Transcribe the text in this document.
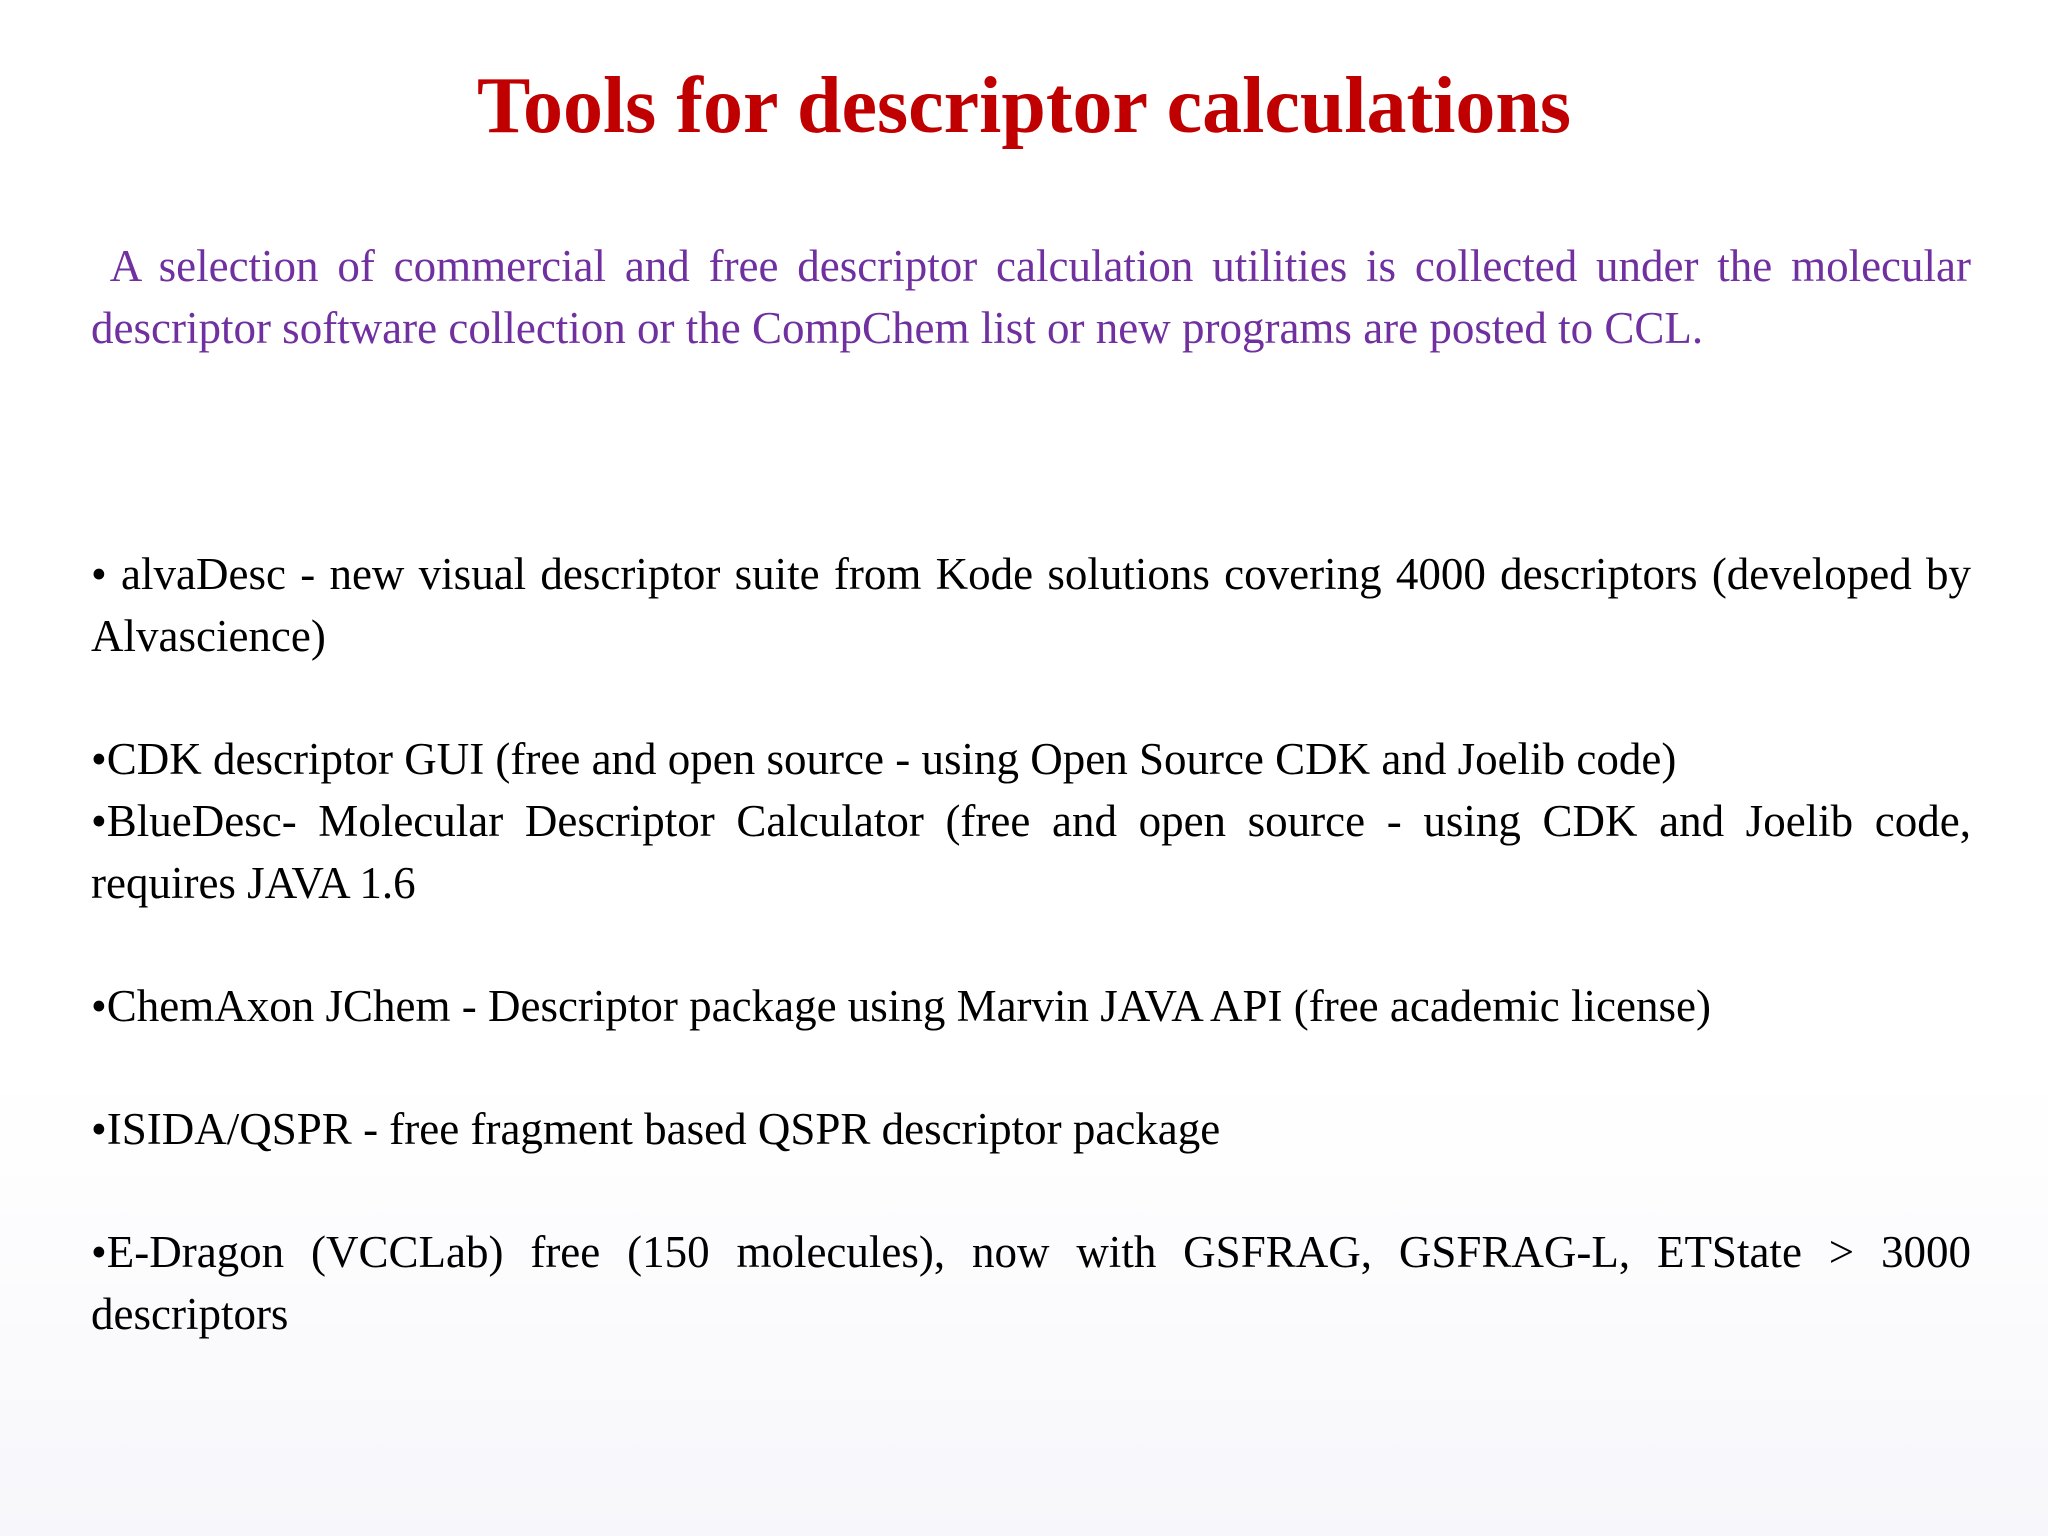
Tools for descriptor calculations
A selection of commercial and free descriptor calculation utilities is collected under the molecular descriptor software collection or the CompChem list or new programs are posted to CCL.

• alvaDesc - new visual descriptor suite from Kode solutions covering 4000 descriptors (developed by Alvascience)

•CDK descriptor GUI (free and open source - using Open Source CDK and Joelib code)

•BlueDesc- Molecular Descriptor Calculator (free and open source - using CDK and Joelib code, requires JAVA 1.6

•ChemAxon JChem - Descriptor package using Marvin JAVA API (free academic license)

•ISIDA/QSPR - free fragment based QSPR descriptor package

•E-Dragon (VCCLab) free (150 molecules), now with GSFRAG, GSFRAG-L, ETState > 3000 descriptors
